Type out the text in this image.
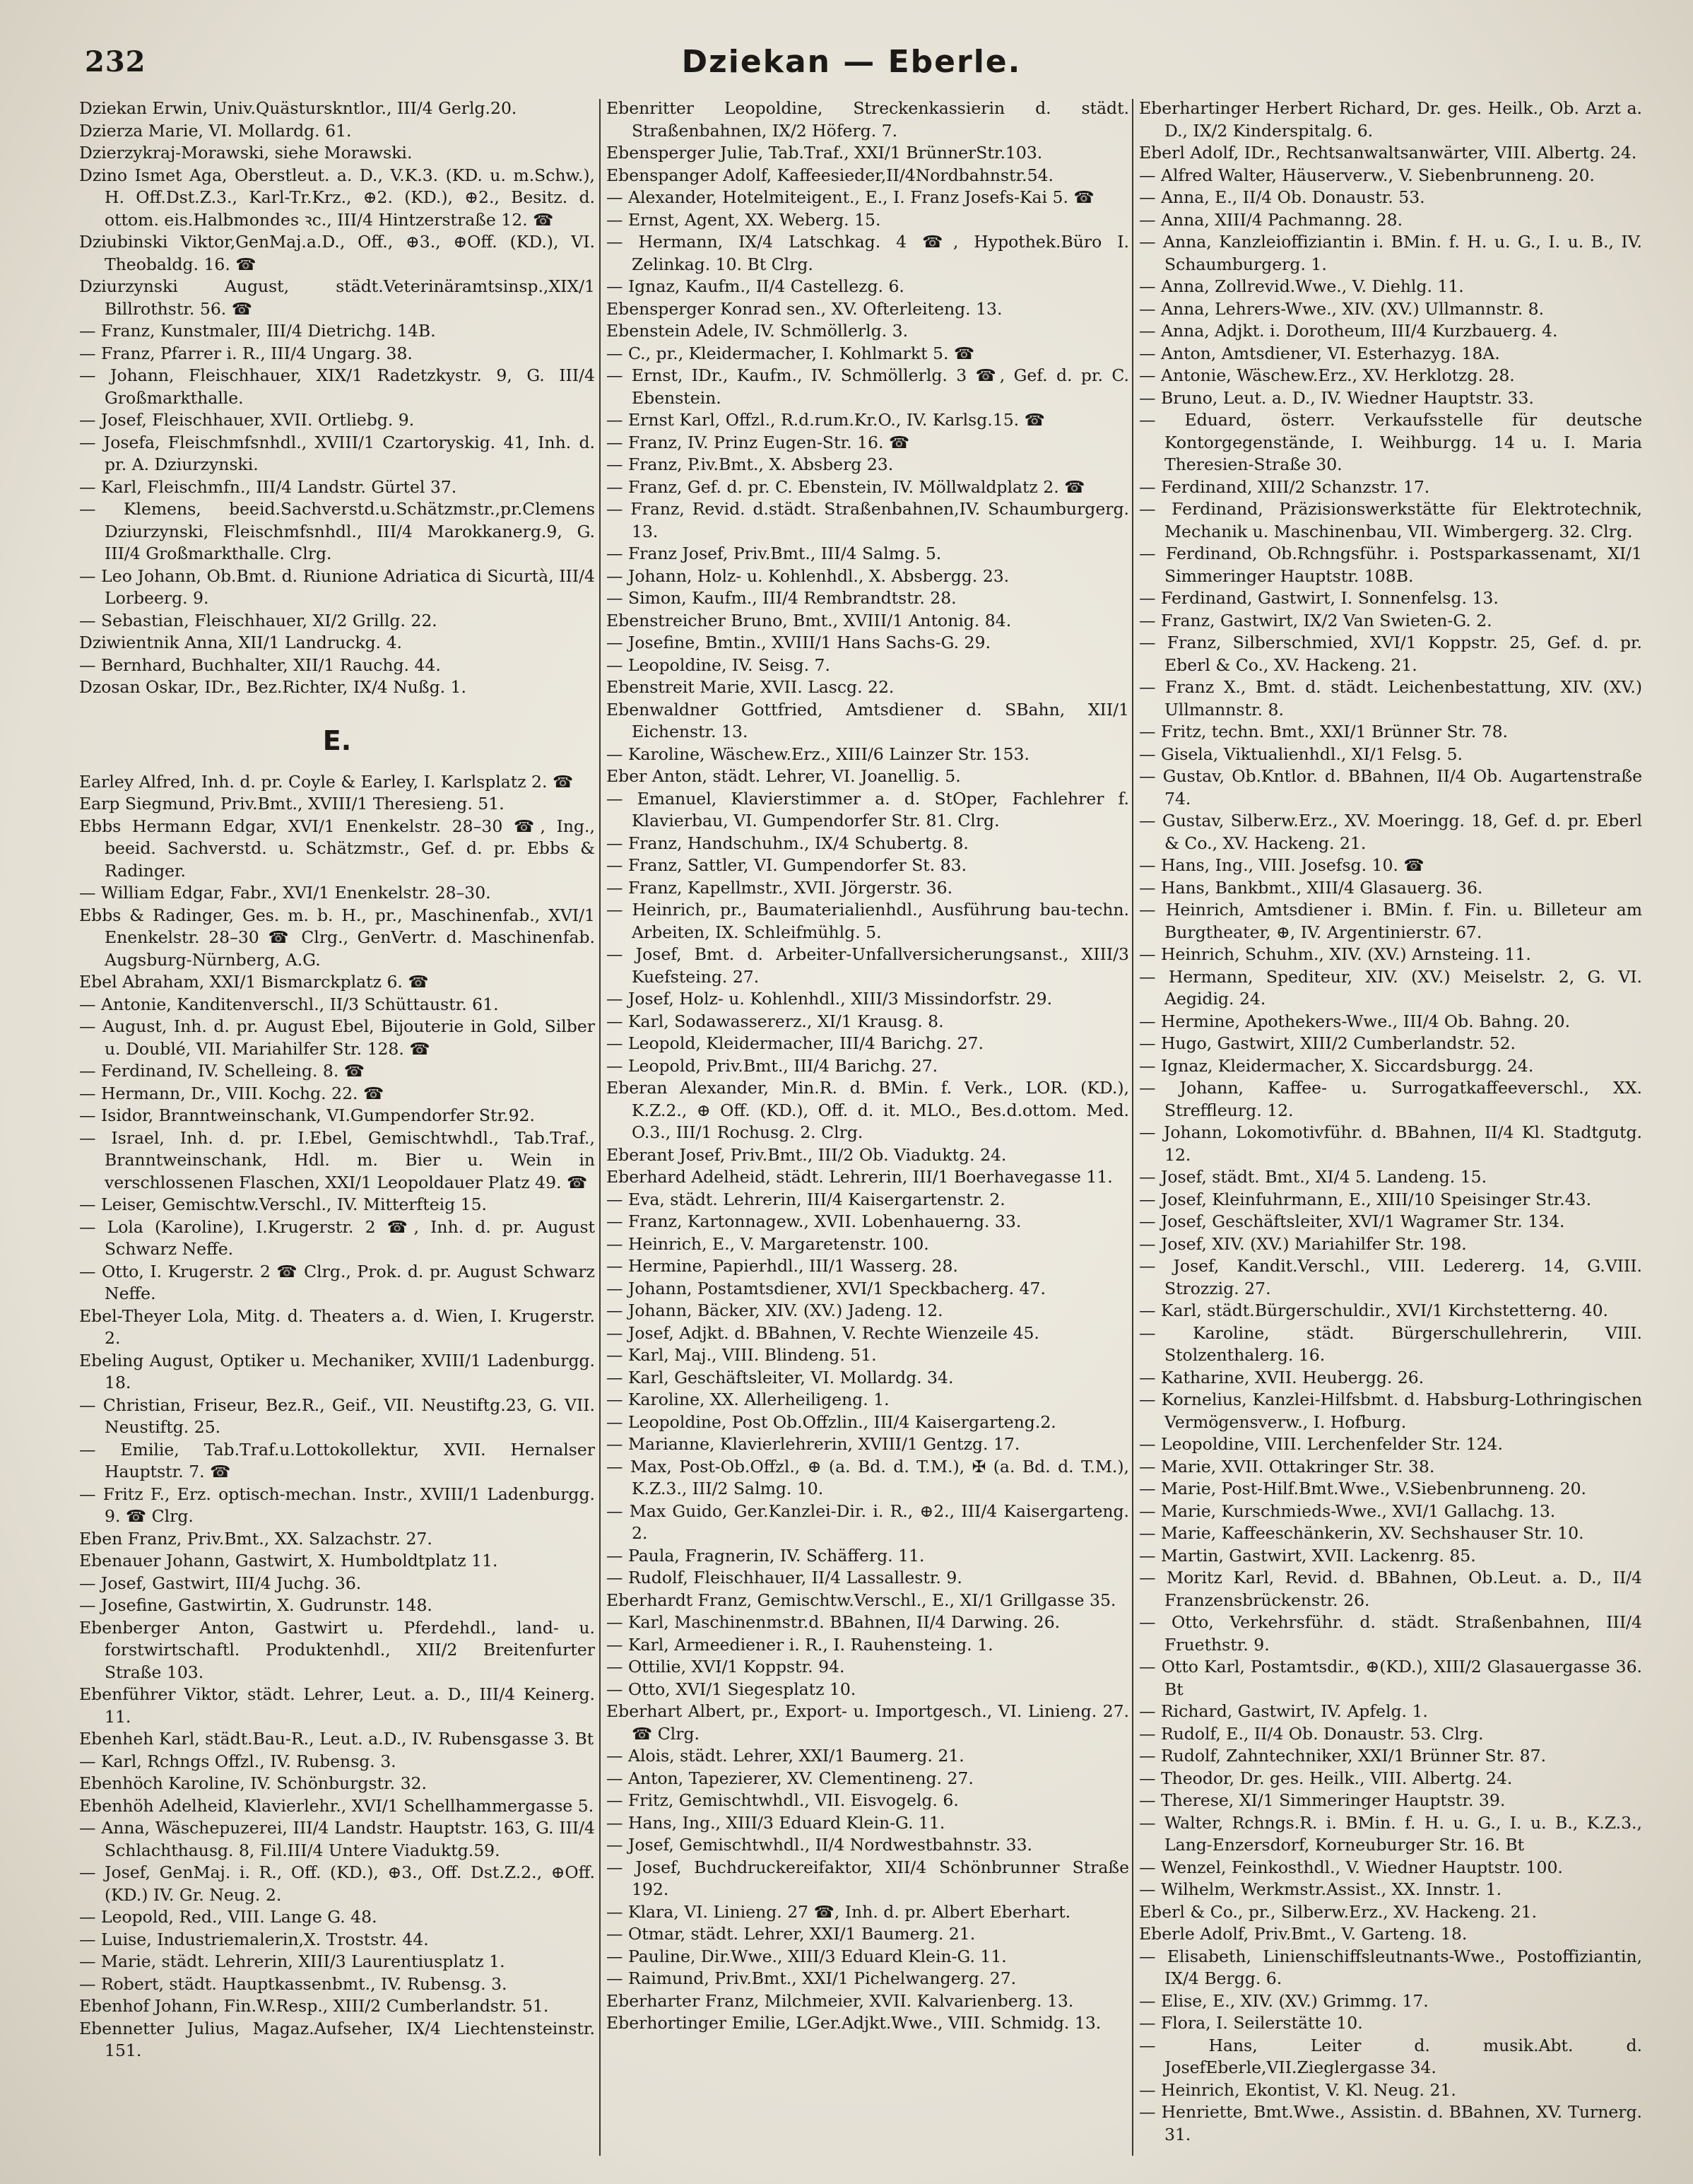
232	Dziekan — Eberle.

Dziekan Erwin, Univ.Quästurskntlor., III/4 Gerlg.20.

Dzierza Marie, VI. Mollardg. 61.

Dzierzykraj-Morawski, siehe Morawski.

Dzino Ismet Aga, Oberstleut. a. D., V.K.3. (KD. u. m.Schw.), H. Off.Dst.Z.3., Karl-Tr.Krz., ⊕2. (KD.), ⊕2., Besitz. d. ottom. eis.Halbmondes ꝛc., III/4 Hintzerstraße 12. ☎

Dziubinski Viktor,GenMaj.a.D., Off., ⊕3., ⊕Off. (KD.), VI. Theobaldg. 16. ☎

Dziurzynski August, städt.Veterinäramtsinsp.,XIX/1 Billrothstr. 56. ☎

— Franz, Kunstmaler, III/4 Dietrichg. 14B.

— Franz, Pfarrer i. R., III/4 Ungarg. 38.

— Johann, Fleischhauer, XIX/1 Radetzkystr. 9, G. III/4 Großmarkthalle.

— Josef, Fleischhauer, XVII. Ortliebg. 9.

— Josefa, Fleischmfsnhdl., XVIII/1 Czartoryskig. 41, Inh. d. pr. A. Dziurzynski.

— Karl, Fleischmfn., III/4 Landstr. Gürtel 37.

— Klemens, beeid.Sachverstd.u.Schätzmstr.,pr.Clemens Dziurzynski, Fleischmfsnhdl., III/4 Marokkanerg.9, G. III/4 Großmarkthalle. Clrg.

— Leo Johann, Ob.Bmt. d. Riunione Adriatica di Sicurtà, III/4 Lorbeerg. 9.

— Sebastian, Fleischhauer, XI/2 Grillg. 22.

Dziwientnik Anna, XII/1 Landruckg. 4.

— Bernhard, Buchhalter, XII/1 Rauchg. 44.

Dzosan Oskar, IDr., Bez.Richter, IX/4 Nußg. 1.

E.

Earley Alfred, Inh. d. pr. Coyle & Earley, I. Karlsplatz 2. ☎

Earp Siegmund, Priv.Bmt., XVIII/1 Theresieng. 51.

Ebbs Hermann Edgar, XVI/1 Enenkelstr. 28–30 ☎, Ing., beeid. Sachverstd. u. Schätzmstr., Gef. d. pr. Ebbs & Radinger.

— William Edgar, Fabr., XVI/1 Enenkelstr. 28–30.

Ebbs & Radinger, Ges. m. b. H., pr., Maschinenfab., XVI/1 Enenkelstr. 28–30 ☎ Clrg., GenVertr. d. Maschinenfab. Augsburg-Nürnberg, A.G.

Ebel Abraham, XXI/1 Bismarckplatz 6. ☎

— Antonie, Kanditenverschl., II/3 Schüttaustr. 61.

— August, Inh. d. pr. August Ebel, Bijouterie in Gold, Silber u. Doublé, VII. Mariahilfer Str. 128. ☎

— Ferdinand, IV. Schelleing. 8. ☎

— Hermann, Dr., VIII. Kochg. 22. ☎

— Isidor, Branntweinschank, VI.Gumpendorfer Str.92.

— Israel, Inh. d. pr. I.Ebel, Gemischtwhdl., Tab.Traf., Branntweinschank, Hdl. m. Bier u. Wein in verschlossenen Flaschen, XXI/1 Leopoldauer Platz 49. ☎

— Leiser, Gemischtw.Verschl., IV. Mitterfteig 15.

— Lola (Karoline), I.Krugerstr. 2 ☎, Inh. d. pr. August Schwarz Neffe.

— Otto, I. Krugerstr. 2 ☎ Clrg., Prok. d. pr. August Schwarz Neffe.

Ebel-Theyer Lola, Mitg. d. Theaters a. d. Wien, I. Krugerstr. 2.

Ebeling August, Optiker u. Mechaniker, XVIII/1 Ladenburgg. 18.

— Christian, Friseur, Bez.R., Geif., VII. Neustiftg.23, G. VII. Neustiftg. 25.

— Emilie, Tab.Traf.u.Lottokollektur, XVII. Hernalser Hauptstr. 7. ☎

— Fritz F., Erz. optisch-mechan. Instr., XVIII/1 Ladenburgg. 9. ☎ Clrg.

Eben Franz, Priv.Bmt., XX. Salzachstr. 27.

Ebenauer Johann, Gastwirt, X. Humboldtplatz 11.

— Josef, Gastwirt, III/4 Juchg. 36.

— Josefine, Gastwirtin, X. Gudrunstr. 148.

Ebenberger Anton, Gastwirt u. Pferdehdl., land- u. forstwirtschaftl. Produktenhdl., XII/2 Breitenfurter Straße 103.

Ebenführer Viktor, städt. Lehrer, Leut. a. D., III/4 Keinerg. 11.

Ebenheh Karl, städt.Bau-R., Leut. a.D., IV. Rubensgasse 3. Bt

— Karl, Rchngs Offzl., IV. Rubensg. 3.

Ebenhöch Karoline, IV. Schönburgstr. 32.

Ebenhöh Adelheid, Klavierlehr., XVI/1 Schellhammergasse 5.

— Anna, Wäschepuzerei, III/4 Landstr. Hauptstr. 163, G. III/4 Schlachthausg. 8, Fil.III/4 Untere Viaduktg.59.

— Josef, GenMaj. i. R., Off. (KD.), ⊕3., Off. Dst.Z.2., ⊕Off. (KD.) IV. Gr. Neug. 2.

— Leopold, Red., VIII. Lange G. 48.

— Luise, Industriemalerin,X. Troststr. 44.

— Marie, städt. Lehrerin, XIII/3 Laurentiusplatz 1.

— Robert, städt. Hauptkassenbmt., IV. Rubensg. 3.

Ebenhof Johann, Fin.W.Resp., XIII/2 Cumberlandstr. 51.

Ebennetter Julius, Magaz.Aufseher, IX/4 Liechtensteinstr. 151.

Ebenritter Leopoldine, Streckenkassierin d. städt. Straßenbahnen, IX/2 Höferg. 7.

Ebensperger Julie, Tab.Traf., XXI/1 BrünnerStr.103.

Ebenspanger Adolf, Kaffeesieder,II/4Nordbahnstr.54.

— Alexander, Hotelmiteigent., E., I. Franz Josefs-Kai 5. ☎

— Ernst, Agent, XX. Weberg. 15.

— Hermann, IX/4 Latschkag. 4 ☎, Hypothek.Büro I. Zelinkag. 10. Bt Clrg.

— Ignaz, Kaufm., II/4 Castellezg. 6.

Ebensperger Konrad sen., XV. Ofterleiteng. 13.

Ebenstein Adele, IV. Schmöllerlg. 3.

— C., pr., Kleidermacher, I. Kohlmarkt 5. ☎

— Ernst, IDr., Kaufm., IV. Schmöllerlg. 3 ☎, Gef. d. pr. C. Ebenstein.

— Ernst Karl, Offzl., R.d.rum.Kr.O., IV. Karlsg.15. ☎

— Franz, IV. Prinz Eugen-Str. 16. ☎

— Franz, P.iv.Bmt., X. Absberg 23.

— Franz, Gef. d. pr. C. Ebenstein, IV. Möllwaldplatz 2. ☎

— Franz, Revid. d.städt. Straßenbahnen,IV. Schaumburgerg. 13.

— Franz Josef, Priv.Bmt., III/4 Salmg. 5.

— Johann, Holz- u. Kohlenhdl., X. Absbergg. 23.

— Simon, Kaufm., III/4 Rembrandtstr. 28.

Ebenstreicher Bruno, Bmt., XVIII/1 Antonig. 84.

— Josefine, Bmtin., XVIII/1 Hans Sachs-G. 29.

— Leopoldine, IV. Seisg. 7.

Ebenstreit Marie, XVII. Lascg. 22.

Ebenwaldner Gottfried, Amtsdiener d. SBahn, XII/1 Eichenstr. 13.

— Karoline, Wäschew.Erz., XIII/6 Lainzer Str. 153.

Eber Anton, städt. Lehrer, VI. Joanellig. 5.

— Emanuel, Klavierstimmer a. d. StOper, Fachlehrer f. Klavierbau, VI. Gumpendorfer Str. 81. Clrg.

— Franz, Handschuhm., IX/4 Schubertg. 8.

— Franz, Sattler, VI. Gumpendorfer St. 83.

— Franz, Kapellmstr., XVII. Jörgerstr. 36.

— Heinrich, pr., Baumaterialienhdl., Ausführung bau-techn. Arbeiten, IX. Schleifmühlg. 5.

— Josef, Bmt. d. Arbeiter-Unfallversicherungsanst., XIII/3 Kuefsteing. 27.

— Josef, Holz- u. Kohlenhdl., XIII/3 Missindorfstr. 29.

— Karl, Sodawassererz., XI/1 Krausg. 8.

— Leopold, Kleidermacher, III/4 Barichg. 27.

— Leopold, Priv.Bmt., III/4 Barichg. 27.

Eberan Alexander, Min.R. d. BMin. f. Verk., LOR. (KD.), K.Z.2., ⊕ Off. (KD.), Off. d. it. MLO., Bes.d.ottom. Med. O.3., III/1 Rochusg. 2. Clrg.

Eberant Josef, Priv.Bmt., III/2 Ob. Viaduktg. 24.

Eberhard Adelheid, städt. Lehrerin, III/1 Boerhavegasse 11.

— Eva, städt. Lehrerin, III/4 Kaisergartenstr. 2.

— Franz, Kartonnagew., XVII. Lobenhauerng. 33.

— Heinrich, E., V. Margaretenstr. 100.

— Hermine, Papierhdl., III/1 Wasserg. 28.

— Johann, Postamtsdiener, XVI/1 Speckbacherg. 47.

— Johann, Bäcker, XIV. (XV.) Jadeng. 12.

— Josef, Adjkt. d. BBahnen, V. Rechte Wienzeile 45.

— Karl, Maj., VIII. Blindeng. 51.

— Karl, Geschäftsleiter, VI. Mollardg. 34.

— Karoline, XX. Allerheiligeng. 1.

— Leopoldine, Post Ob.Offzlin., III/4 Kaisergarteng.2.

— Marianne, Klavierlehrerin, XVIII/1 Gentzg. 17.

— Max, Post-Ob.Offzl., ⊕ (a. Bd. d. T.M.), ✠ (a. Bd. d. T.M.), K.Z.3., III/2 Salmg. 10.

— Max Guido, Ger.Kanzlei-Dir. i. R., ⊕2., III/4 Kaisergarteng. 2.

— Paula, Fragnerin, IV. Schäfferg. 11.

— Rudolf, Fleischhauer, II/4 Lassallestr. 9.

Eberhardt Franz, Gemischtw.Verschl., E., XI/1 Grillgasse 35.

— Karl, Maschinenmstr.d. BBahnen, II/4 Darwing. 26.

— Karl, Armeediener i. R., I. Rauhensteing. 1.

— Ottilie, XVI/1 Koppstr. 94.

— Otto, XVI/1 Siegesplatz 10.

Eberhart Albert, pr., Export- u. Importgesch., VI. Linieng. 27. ☎ Clrg.

— Alois, städt. Lehrer, XXI/1 Baumerg. 21.

— Anton, Tapezierer, XV. Clementineng. 27.

— Fritz, Gemischtwhdl., VII. Eisvogelg. 6.

— Hans, Ing., XIII/3 Eduard Klein-G. 11.

— Josef, Gemischtwhdl., II/4 Nordwestbahnstr. 33.

— Josef, Buchdruckereifaktor, XII/4 Schönbrunner Straße 192.

— Klara, VI. Linieng. 27 ☎, Inh. d. pr. Albert Eberhart.

— Otmar, städt. Lehrer, XXI/1 Baumerg. 21.

— Pauline, Dir.Wwe., XIII/3 Eduard Klein-G. 11.

— Raimund, Priv.Bmt., XXI/1 Pichelwangerg. 27.

Eberharter Franz, Milchmeier, XVII. Kalvarienberg. 13.

Eberhortinger Emilie, LGer.Adjkt.Wwe., VIII. Schmidg. 13.

Eberhartinger Herbert Richard, Dr. ges. Heilk., Ob. Arzt a. D., IX/2 Kinderspitalg. 6.

Eberl Adolf, IDr., Rechtsanwaltsanwärter, VIII. Albertg. 24.

— Alfred Walter, Häuserverw., V. Siebenbrunneng. 20.

— Anna, E., II/4 Ob. Donaustr. 53.

— Anna, XIII/4 Pachmanng. 28.

— Anna, Kanzleioffiziantin i. BMin. f. H. u. G., I. u. B., IV. Schaumburgerg. 1.

— Anna, Zollrevid.Wwe., V. Diehlg. 11.

— Anna, Lehrers-Wwe., XIV. (XV.) Ullmannstr. 8.

— Anna, Adjkt. i. Dorotheum, III/4 Kurzbauerg. 4.

— Anton, Amtsdiener, VI. Esterhazyg. 18A.

— Antonie, Wäschew.Erz., XV. Herklotzg. 28.

— Bruno, Leut. a. D., IV. Wiedner Hauptstr. 33.

— Eduard, österr. Verkaufsstelle für deutsche Kontorgegenstände, I. Weihburgg. 14 u. I. Maria Theresien-Straße 30.

— Ferdinand, XIII/2 Schanzstr. 17.

— Ferdinand, Präzisionswerkstätte für Elektrotechnik, Mechanik u. Maschinenbau, VII. Wimbergerg. 32. Clrg.

— Ferdinand, Ob.Rchngsführ. i. Postsparkassenamt, XI/1 Simmeringer Hauptstr. 108B.

— Ferdinand, Gastwirt, I. Sonnenfelsg. 13.

— Franz, Gastwirt, IX/2 Van Swieten-G. 2.

— Franz, Silberschmied, XVI/1 Koppstr. 25, Gef. d. pr. Eberl & Co., XV. Hackeng. 21.

— Franz X., Bmt. d. städt. Leichenbestattung, XIV. (XV.) Ullmannstr. 8.

— Fritz, techn. Bmt., XXI/1 Brünner Str. 78.

— Gisela, Viktualienhdl., XI/1 Felsg. 5.

— Gustav, Ob.Kntlor. d. BBahnen, II/4 Ob. Augartenstraße 74.

— Gustav, Silberw.Erz., XV. Moeringg. 18, Gef. d. pr. Eberl & Co., XV. Hackeng. 21.

— Hans, Ing., VIII. Josefsg. 10. ☎

— Hans, Bankbmt., XIII/4 Glasauerg. 36.

— Heinrich, Amtsdiener i. BMin. f. Fin. u. Billeteur am Burgtheater, ⊕, IV. Argentinierstr. 67.

— Heinrich, Schuhm., XIV. (XV.) Arnsteing. 11.

— Hermann, Spediteur, XIV. (XV.) Meiselstr. 2, G. VI. Aegidig. 24.

— Hermine, Apothekers-Wwe., III/4 Ob. Bahng. 20.

— Hugo, Gastwirt, XIII/2 Cumberlandstr. 52.

— Ignaz, Kleidermacher, X. Siccardsburgg. 24.

— Johann, Kaffee- u. Surrogatkaffeeverschl., XX. Streffleurg. 12.

— Johann, Lokomotivführ. d. BBahnen, II/4 Kl. Stadtgutg. 12.

— Josef, städt. Bmt., XI/4 5. Landeng. 15.

— Josef, Kleinfuhrmann, E., XIII/10 Speisinger Str.43.

— Josef, Geschäftsleiter, XVI/1 Wagramer Str. 134.

— Josef, XIV. (XV.) Mariahilfer Str. 198.

— Josef, Kandit.Verschl., VIII. Ledererg. 14, G.VIII. Strozzig. 27.

— Karl, städt.Bürgerschuldir., XVI/1 Kirchstetterng. 40.

— Karoline, städt. Bürgerschullehrerin, VIII. Stolzenthalerg. 16.

— Katharine, XVII. Heubergg. 26.

— Kornelius, Kanzlei-Hilfsbmt. d. Habsburg-Lothringischen Vermögensverw., I. Hofburg.

— Leopoldine, VIII. Lerchenfelder Str. 124.

— Marie, XVII. Ottakringer Str. 38.

— Marie, Post-Hilf.Bmt.Wwe., V.Siebenbrunneng. 20.

— Marie, Kurschmieds-Wwe., XVI/1 Gallachg. 13.

— Marie, Kaffeeschänkerin, XV. Sechshauser Str. 10.

— Martin, Gastwirt, XVII. Lackenrg. 85.

— Moritz Karl, Revid. d. BBahnen, Ob.Leut. a. D., II/4 Franzensbrückenstr. 26.

— Otto, Verkehrsführ. d. städt. Straßenbahnen, III/4 Fruethstr. 9.

— Otto Karl, Postamtsdir., ⊕(KD.), XIII/2 Glasauergasse 36. Bt

— Richard, Gastwirt, IV. Apfelg. 1.

— Rudolf, E., II/4 Ob. Donaustr. 53. Clrg.

— Rudolf, Zahntechniker, XXI/1 Brünner Str. 87.

— Theodor, Dr. ges. Heilk., VIII. Albertg. 24.

— Therese, XI/1 Simmeringer Hauptstr. 39.

— Walter, Rchngs.R. i. BMin. f. H. u. G., I. u. B., K.Z.3., Lang-Enzersdorf, Korneuburger Str. 16. Bt

— Wenzel, Feinkosthdl., V. Wiedner Hauptstr. 100.

— Wilhelm, Werkmstr.Assist., XX. Innstr. 1.

Eberl & Co., pr., Silberw.Erz., XV. Hackeng. 21.

Eberle Adolf, Priv.Bmt., V. Garteng. 18.

— Elisabeth, Linienschiffsleutnants-Wwe., Postoffiziantin, IX/4 Bergg. 6.

— Elise, E., XIV. (XV.) Grimmg. 17.

— Flora, I. Seilerstätte 10.

— Hans, Leiter d. musik.Abt. d. JosefEberle,VII.Zieglergasse 34.

— Heinrich, Ekontist, V. Kl. Neug. 21.

— Henriette, Bmt.Wwe., Assistin. d. BBahnen, XV. Turnerg. 31.
